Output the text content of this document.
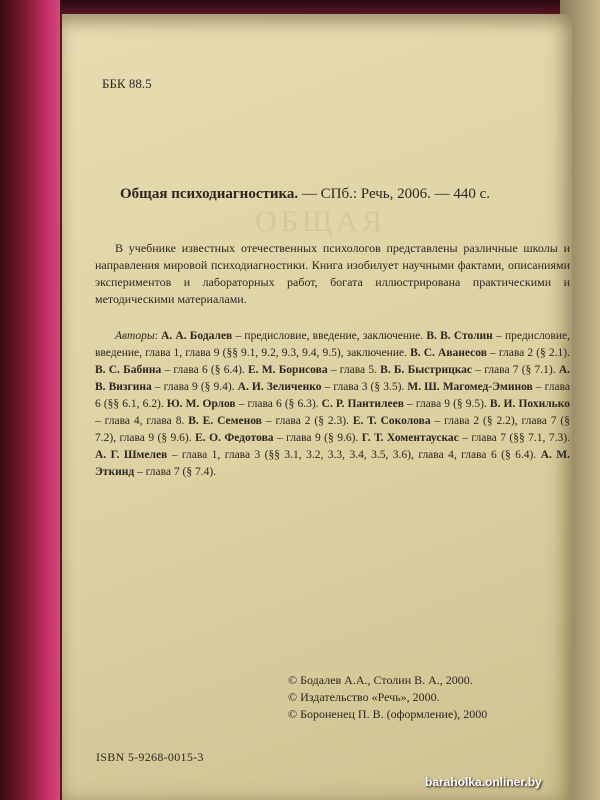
ОБЩАЯ
ББК 88.5
Общая психодиагностика. — СПб.: Речь, 2006. — 440 с.
В учебнике известных отечественных психологов представлены различные школы и направления мировой психодиагностики. Книга изобилует научными фактами, описаниями экспериментов и лабораторных работ, богата иллюстрирована практическими и методическими материалами.
Авторы: А. А. Бодалев – предисловие, введение, заключение. В. В. Столин – предисловие, введение, глава 1, глава 9 (§§ 9.1, 9.2, 9.3, 9.4, 9.5), заключение. В. С. Аванесов – глава 2 (§ 2.1). В. С. Бабина – глава 6 (§ 6.4). Е. М. Борисова – глава 5. В. Б. Быстрицкас – глава 7 (§ 7.1). А. В. Визгина – глава 9 (§ 9.4). А. И. Зеличенко – глава 3 (§ 3.5). М. Ш. Магомед-Эминов – глава 6 (§§ 6.1, 6.2). Ю. М. Орлов – глава 6 (§ 6.3). С. Р. Пантилеев – глава 9 (§ 9.5). В. И. Похилько – глава 4, глава 8. В. Е. Семенов – глава 2 (§ 2.3). Е. Т. Соколова – глава 2 (§ 2.2), глава 7 (§ 7.2), глава 9 (§ 9.6). Е. О. Федотова – глава 9 (§ 9.6). Г. Т. Хоментаускас – глава 7 (§§ 7.1, 7.3). А. Г. Шмелев – глава 1, глава 3 (§§ 3.1, 3.2, 3.3, 3.4, 3.5, 3.6), глава 4, глава 6 (§ 6.4). А. М. Эткинд – глава 7 (§ 7.4).
© Бодалев А.А., Столин В. А., 2000.
© Издательство «Речь», 2000.
© Бороненец П. В. (оформление), 2000
ISBN 5-9268-0015-3
baraholka.onliner.by
